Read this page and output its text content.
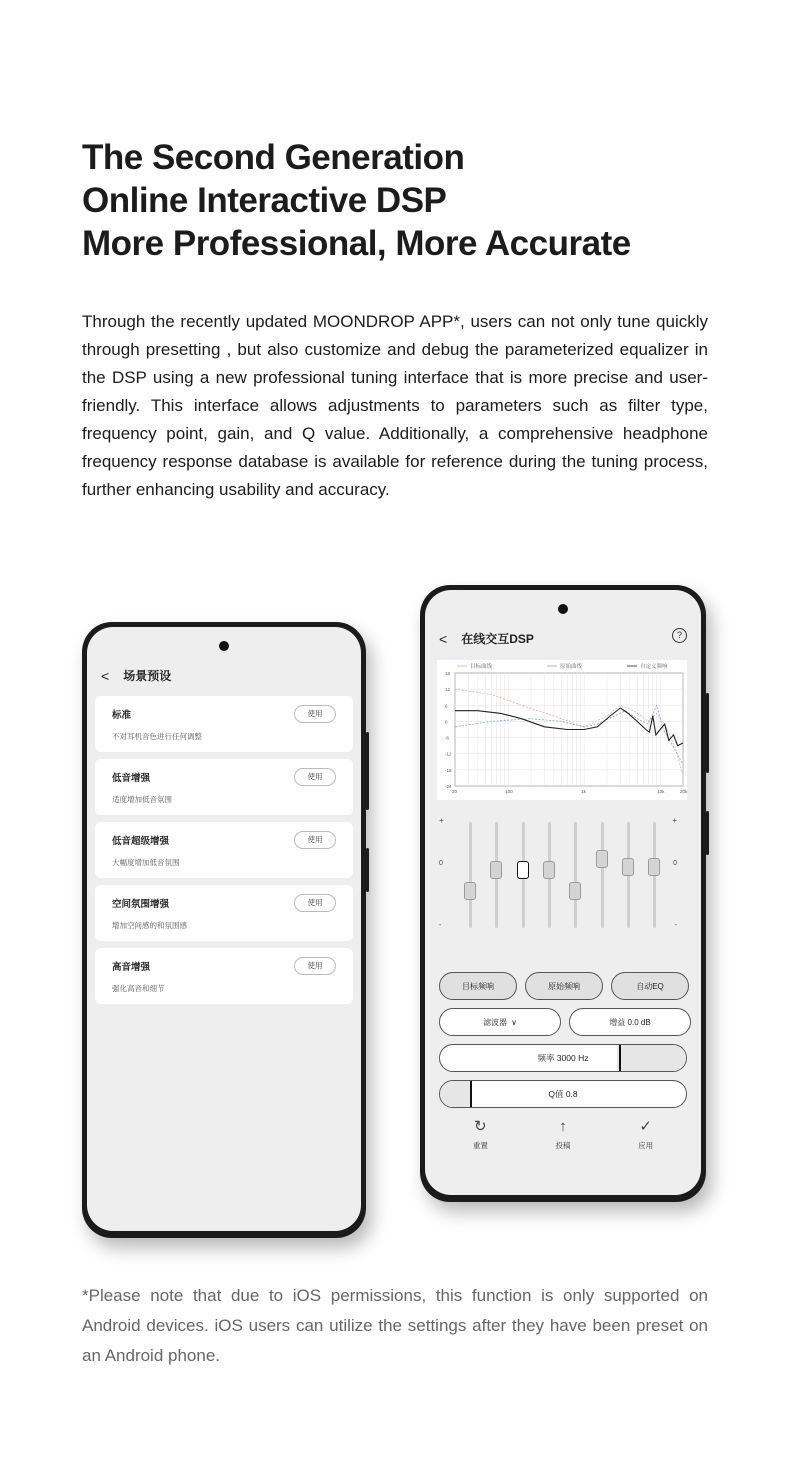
The Second Generation
Online Interactive DSP
More Professional, More Accurate

Through the recently updated MOONDROP APP*, users can not only tune quickly through presetting , but also customize and debug the parameterized equalizer in the DSP using a new professional tuning interface that is more precise and user-friendly. This interface allows adjustments to parameters such as filter type, frequency point, gain, and Q value. Additionally, a comprehensive headphone frequency response database is available for reference during the tuning process, further enhancing usability and accuracy.

< 场景预设
标准
不对耳机音色进行任何调整
使用
低音增强
适度增加低音氛围
使用
低音超级增强
大幅度增加低音氛围
使用
空间氛围增强
增加空间感的和氛围感
使用
高音增强
强化高音和细节
使用
< 在线交互DSP	?
目标曲线	原始曲线	自定义频响
18
12
6
0
-6
-12
-18
-24
20	100	1k	10k	20k
+	+
0	0
-	-
目标频响	原始频响	自动EQ
滤波器 ∨	增益 0.0 dB
频率 3000 Hz
Q值 0.8
↻
重置
↑
投稿
✓
应用

*Please note that due to iOS permissions, this function is only supported on Android devices. iOS users can utilize the settings after they have been preset on an Android phone.
